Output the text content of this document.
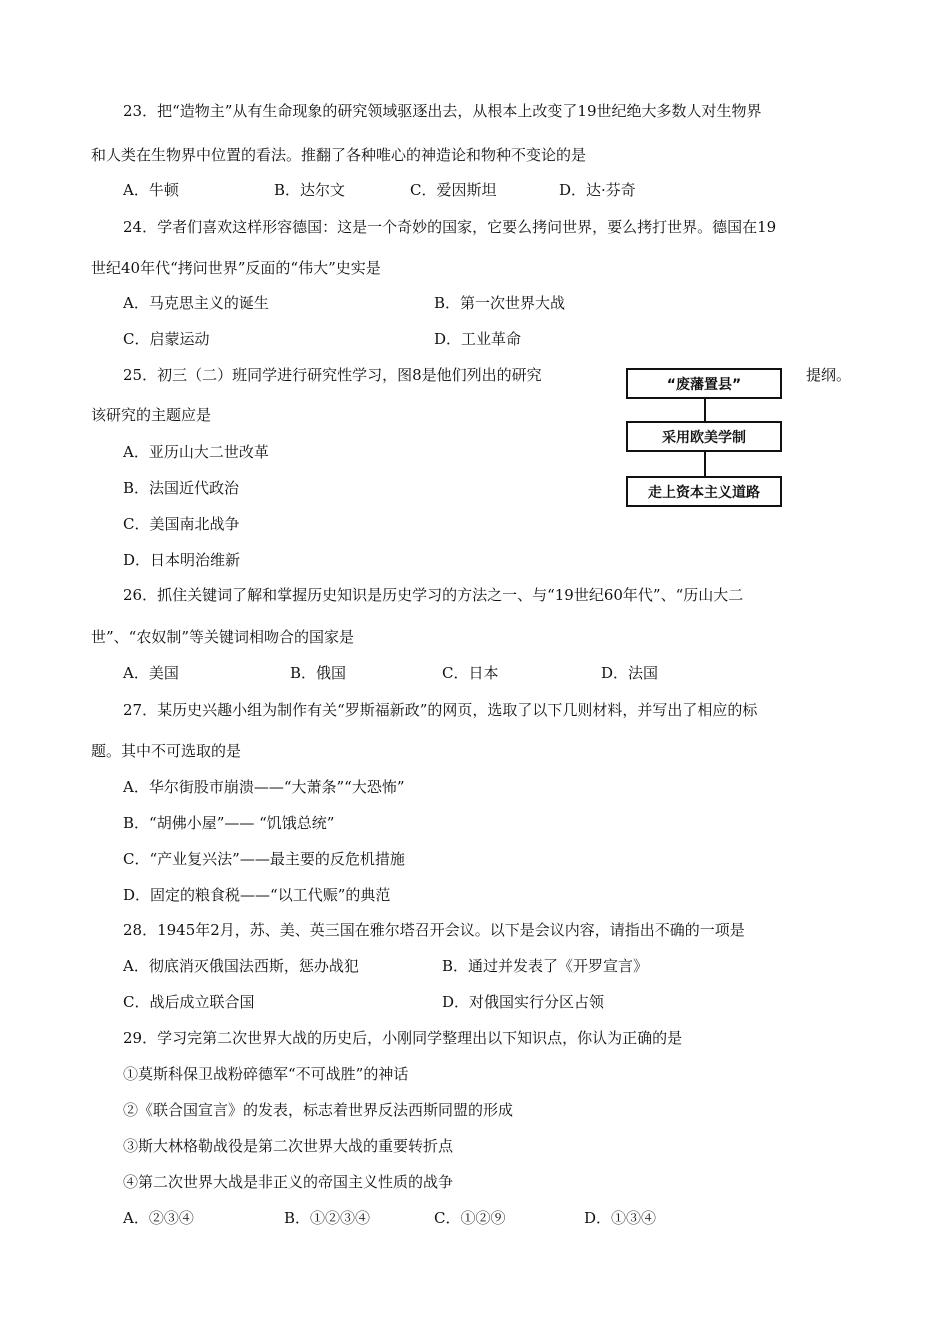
23．把“造物主”从有生命现象的研究领域驱逐出去，从根本上改变了19世纪绝大多数人对生物界
和人类在生物界中位置的看法。推翻了各种唯心的神造论和物种不变论的是
A．牛顿	B．达尔文	C．爱因斯坦	D．达·芬奇
24．学者们喜欢这样形容德国：这是一个奇妙的国家，它要么拷问世界，要么拷打世界。德国在19
世纪40年代“拷问世界”反面的“伟大”史实是
A．马克思主义的诞生	B．第一次世界大战
C．启蒙运动	D．工业革命
25．初三（二）班同学进行研究性学习，图8是他们列出的研究	提纲。
该研究的主题应是
A．亚历山大二世改革
B．法国近代政治
C．美国南北战争
D．日本明治维新
“废藩置县”
采用欧美学制
走上资本主义道路
26．抓住关键词了解和掌握历史知识是历史学习的方法之一、与“19世纪60年代”、“历山大二
世”、“农奴制”等关键词相吻合的国家是
A．美国	B．俄国	C．日本	D．法国
27．某历史兴趣小组为制作有关“罗斯福新政”的网页，选取了以下几则材料，并写出了相应的标
题。其中不可选取的是
A．华尔街股市崩溃——“大萧条”“大恐怖”
B．“胡佛小屋”—— “饥饿总统”
C．“产业复兴法”——最主要的反危机措施
D．固定的粮食税——“以工代赈”的典范
28．1945年2月，苏、美、英三国在雅尔塔召开会议。以下是会议内容，请指出不确的一项是
A．彻底消灭俄国法西斯，惩办战犯	B．通过并发表了《开罗宣言》
C．战后成立联合国	D．对俄国实行分区占领
29．学习完第二次世界大战的历史后，小刚同学整理出以下知识点，你认为正确的是
①莫斯科保卫战粉碎德军“不可战胜”的神话
②《联合国宣言》的发表，标志着世界反法西斯同盟的形成
③斯大林格勒战役是第二次世界大战的重要转折点
④第二次世界大战是非正义的帝国主义性质的战争
A．②③④	B．①②③④	C．①②⑨	D．①③④
